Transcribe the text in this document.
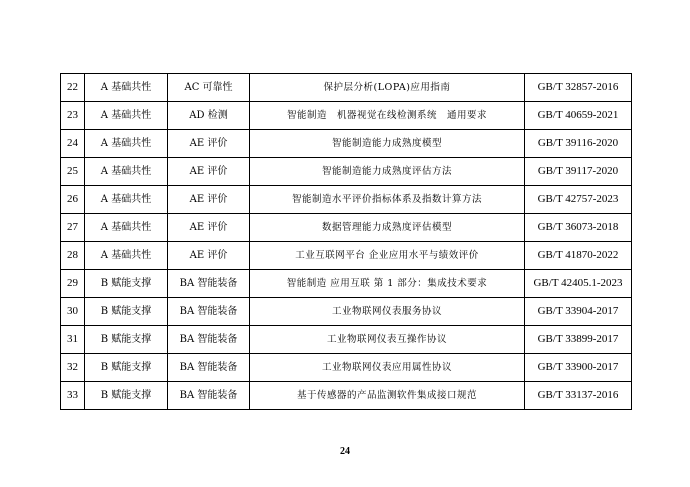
22	A 基础共性	AC 可靠性	保护层分析(LOPA)应用指南	GB/T 32857-2016
23	A 基础共性	AD 检测	智能制造　机器视觉在线检测系统　通用要求	GB/T 40659-2021
24	A 基础共性	AE 评价	智能制造能力成熟度模型	GB/T 39116-2020
25	A 基础共性	AE 评价	智能制造能力成熟度评估方法	GB/T 39117-2020
26	A 基础共性	AE 评价	智能制造水平评价指标体系及指数计算方法	GB/T 42757-2023
27	A 基础共性	AE 评价	数据管理能力成熟度评估模型	GB/T 36073-2018
28	A 基础共性	AE 评价	工业互联网平台 企业应用水平与绩效评价	GB/T 41870-2022
29	B 赋能支撑	BA 智能装备	智能制造 应用互联 第 1 部分：集成技术要求	GB/T 42405.1-2023
30	B 赋能支撑	BA 智能装备	工业物联网仪表服务协议	GB/T 33904-2017
31	B 赋能支撑	BA 智能装备	工业物联网仪表互操作协议	GB/T 33899-2017
32	B 赋能支撑	BA 智能装备	工业物联网仪表应用属性协议	GB/T 33900-2017
33	B 赋能支撑	BA 智能装备	基于传感器的产品监测软件集成接口规范	GB/T 33137-2016
24
